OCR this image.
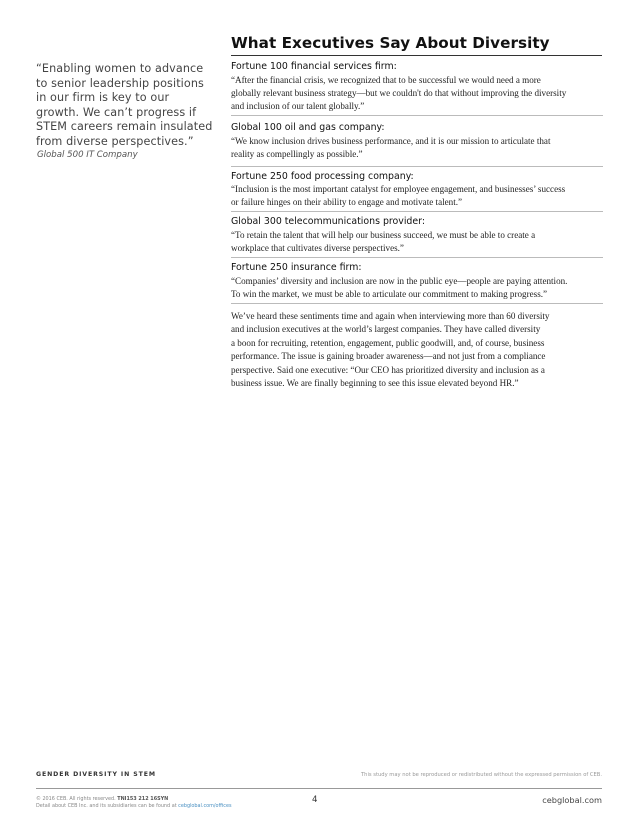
“Enabling women to advance
to senior leadership positions
in our firm is key to our
growth. We can’t progress if
STEM careers remain insulated
from diverse perspectives.”
Global 500 IT Company
What Executives Say About Diversity
Fortune 100 financial services firm:
“After the financial crisis, we recognized that to be successful we would need a more
globally relevant business strategy—but we couldn't do that without improving the diversity
and inclusion of our talent globally.”
Global 100 oil and gas company:
“We know inclusion drives business performance, and it is our mission to articulate that
reality as compellingly as possible.”
Fortune 250 food processing company:
“Inclusion is the most important catalyst for employee engagement, and businesses’ success
or failure hinges on their ability to engage and motivate talent.”
Global 300 telecommunications provider:
“To retain the talent that will help our business succeed, we must be able to create a
workplace that cultivates diverse perspectives.”
Fortune 250 insurance firm:
“Companies’ diversity and inclusion are now in the public eye—people are paying attention.
To win the market, we must be able to articulate our commitment to making progress.”
We’ve heard these sentiments time and again when interviewing more than 60 diversity
and inclusion executives at the world’s largest companies. They have called diversity
a boon for recruiting, retention, engagement, public goodwill, and, of course, business
performance. The issue is gaining broader awareness—and not just from a compliance
perspective. Said one executive: “Our CEO has prioritized diversity and inclusion as a
business issue. We are finally beginning to see this issue elevated beyond HR.”
GENDER DIVERSITY IN STEM	This study may not be reproduced or redistributed without the expressed permission of CEB.
© 2016 CEB. All rights reserved. TNI153 212 16SYN
Detail about CEB Inc. and its subsidiaries can be found at cebglobal.com/offices
4	cebglobal.com
